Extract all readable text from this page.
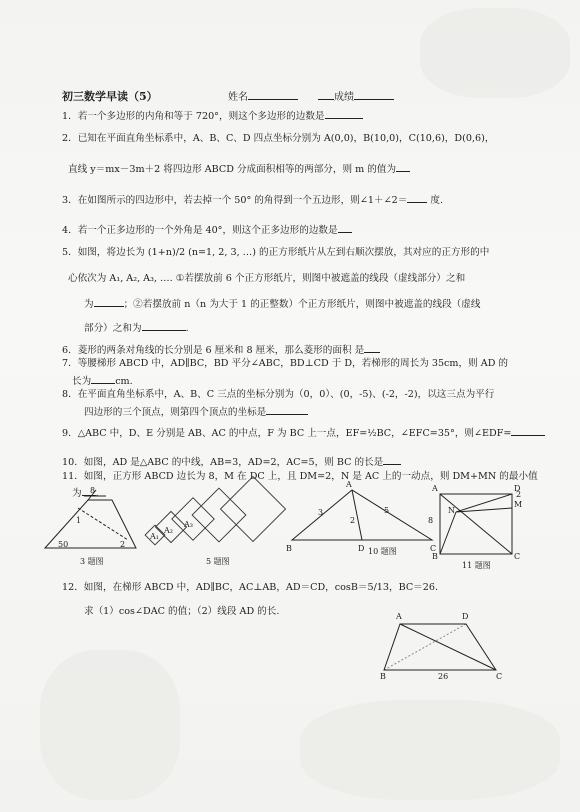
初三数学早读（5）	姓名	成绩
1．若一个多边形的内角和等于 720°，则这个多边形的边数是
2．已知在平面直角坐标系中，A、B、C、D 四点坐标分别为 A(0,0)，B(10,0)，C(10,6)，D(0,6)，
直线 y＝mx－3m＋2 将四边形 ABCD 分成面积相等的两部分，则 m 的值为
3．在如图所示的四边形中，若去掉一个 50° 的角得到一个五边形，则∠1＋∠2＝ 度.
4．若一个正多边形的一个外角是 40°，则这个正多边形的边数是
5．如图，将边长为 (1+n)/2 (n=1, 2, 3, …) 的正方形纸片从左到右顺次摆放，其对应的正方形的中
心依次为 A₁, A₂, A₃, …. ①若摆放前 6 个正方形纸片，则图中被遮盖的线段（虚线部分）之和
为	；②若摆放前 n（n 为大于 1 的正整数）个正方形纸片，则图中被遮盖的线段（虚线
部分）之和为	.
6．菱形的两条对角线的长分别是 6 厘米和 8 厘米，那么菱形的面积 是
7．等腰梯形 ABCD 中，AD∥BC，BD 平分∠ABC，BD⊥CD 于 D，若梯形的周长为 35cm，则 AD 的
长为	cm.
8．在平面直角坐标系中，A、B、C 三点的坐标分别为（0，0）、(0，-5)、(-2，-2)，以这三点为平行
四边形的三个顶点，则第四个顶点的坐标是
9．△ABC 中，D、E 分别是 AB、AC 的中点，F 为 BC 上一点，EF=½BC，∠EFC=35°，则∠EDF=
10．如图，AD 是△ABC 的中线，AB=3，AD=2，AC=5，则 BC 的长是
11．如图，正方形 ABCD 边长为 8，M 在 DC 上，且 DM=2，N 是 AC 上的一动点，则 DM+MN 的最小值
为 .
8
1
50	2
3 题图
A₁
A₂
A₃
5 题图
A
B	D	C
3	5
2
10 题图
A	D
M
N
B	C
8
2
11 题图
12．如图，在梯形 ABCD 中，AD∥BC，AC⊥AB，AD＝CD，cosB＝5/13，BC＝26.
求（1）cos∠DAC 的值；（2）线段 AD 的长.	A	D
B	C
26
